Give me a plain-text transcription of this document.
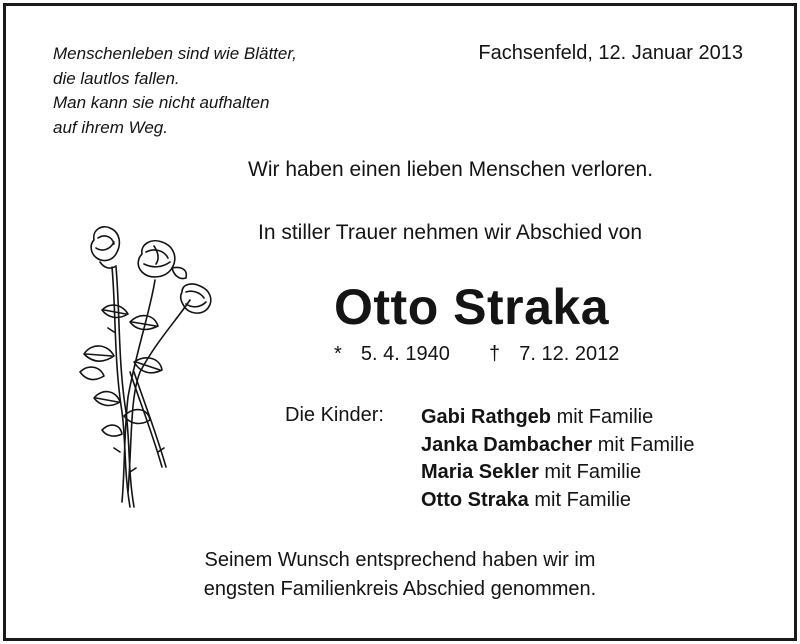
Menschenleben sind wie Blätter,
die lautlos fallen.
Man kann sie nicht aufhalten
auf ihrem Weg.
Fachsenfeld, 12. Januar 2013
Wir haben einen lieben Menschen verloren.
In stiller Trauer nehmen wir Abschied von
Otto Straka
* 5. 4. 1940 † 7. 12. 2012
Die Kinder: Gabi Rathgeb mit Familie
Janka Dambacher mit Familie
Maria Sekler mit Familie
Otto Straka mit Familie
Seinem Wunsch entsprechend haben wir im
engsten Familienkreis Abschied genommen.
